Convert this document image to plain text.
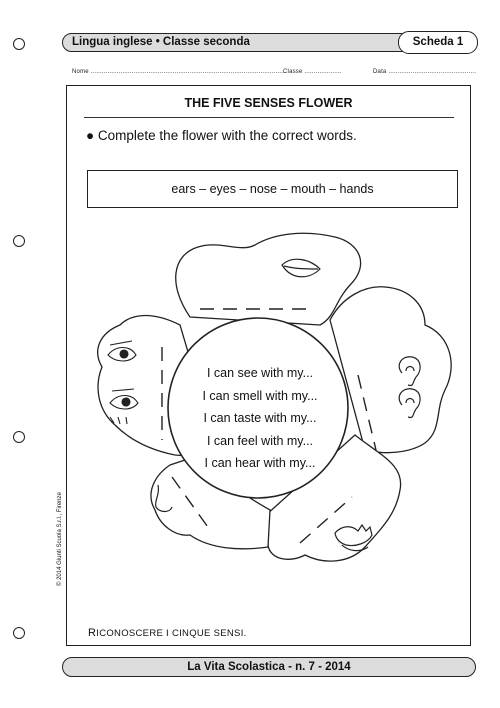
Lingua inglese • Classe seconda	Scheda 1
Nome ........................................................................................................
Classe ....................	Data ...............................................
THE FIVE SENSES FLOWER
● Complete the flower with the correct words.
ears – eyes – nose – mouth – hands
I can see with my...
I can smell with my...
I can taste with my...
I can feel with my...
I can hear with my...
RICONOSCERE I CINQUE SENSI.
© 2014 Giunti Scuola S.r.l., Firenze
La Vita Scolastica - n. 7 - 2014
